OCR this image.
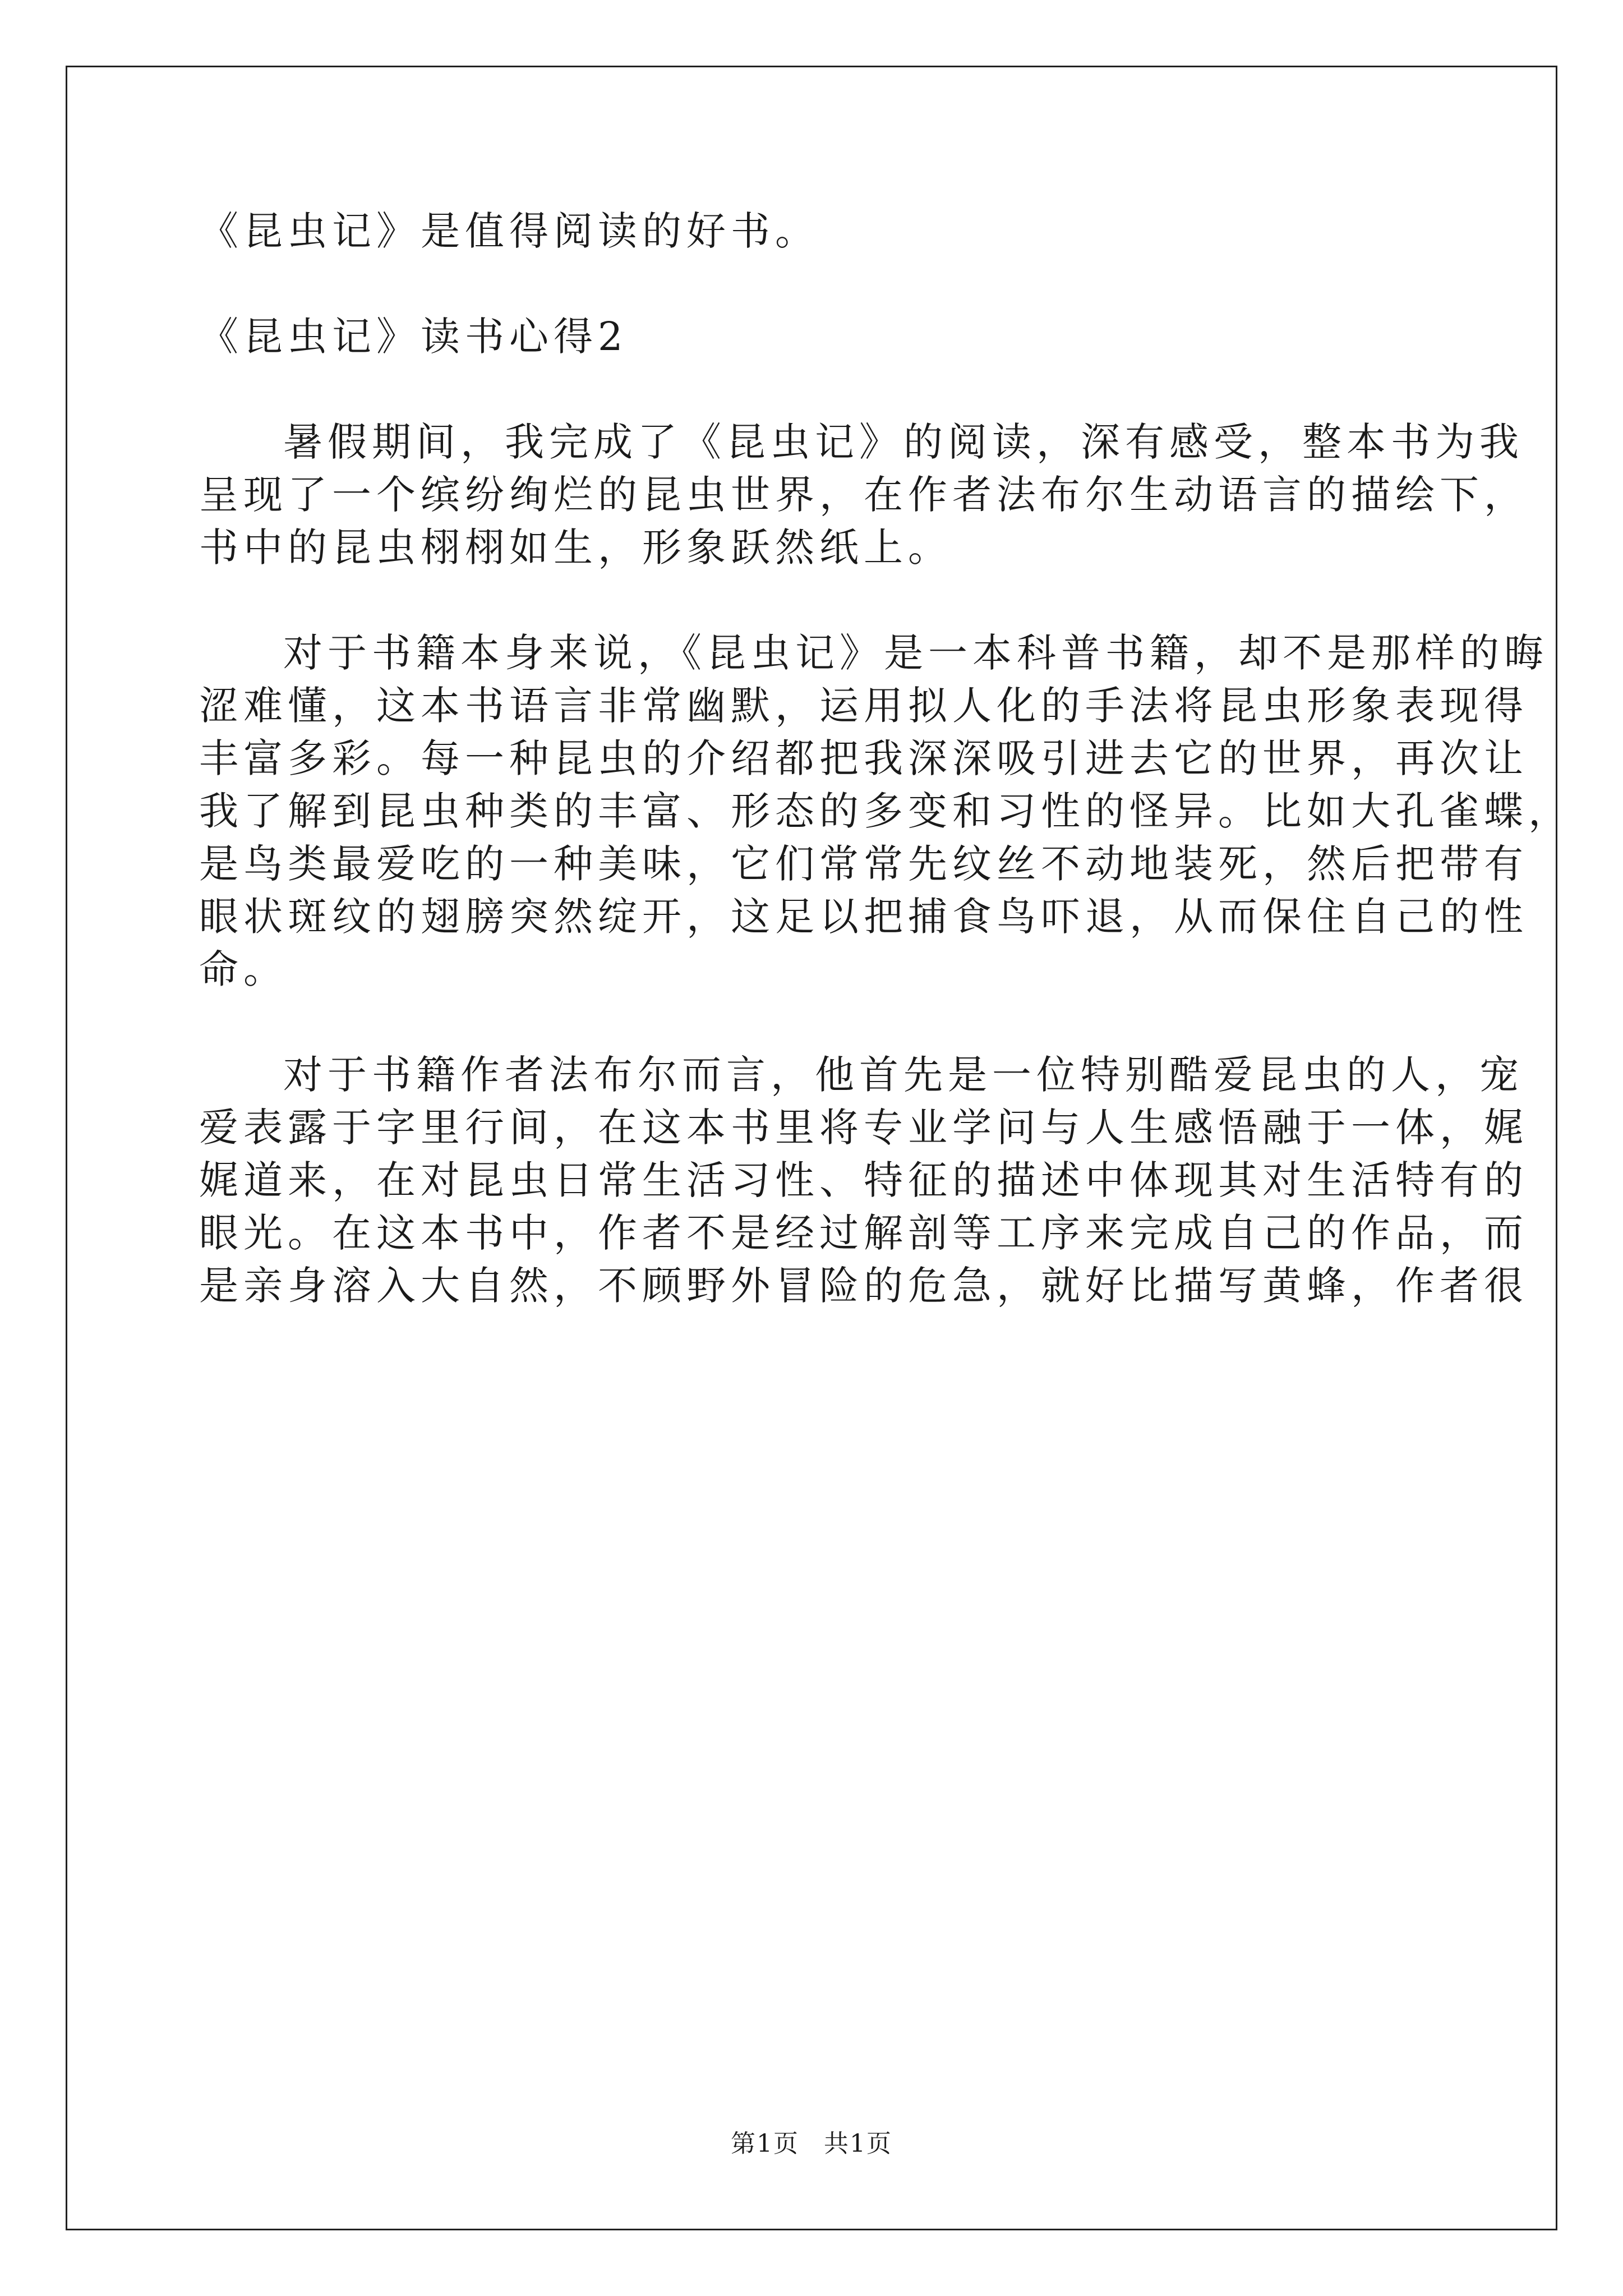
《昆虫记》是值得阅读的好书。
《昆虫记》读书心得2
暑假期间，我完成了《昆虫记》的阅读，深有感受，整本书为我
呈现了一个缤纷绚烂的昆虫世界，在作者法布尔生动语言的描绘下，
书中的昆虫栩栩如生，形象跃然纸上。
对于书籍本身来说，《昆虫记》是一本科普书籍，却不是那样的晦
涩难懂，这本书语言非常幽默，运用拟人化的手法将昆虫形象表现得
丰富多彩。每一种昆虫的介绍都把我深深吸引进去它的世界，再次让
我了解到昆虫种类的丰富、形态的多变和习性的怪异。比如大孔雀蝶，
是鸟类最爱吃的一种美味，它们常常先纹丝不动地装死，然后把带有
眼状斑纹的翅膀突然绽开，这足以把捕食鸟吓退，从而保住自己的性
命。
对于书籍作者法布尔而言，他首先是一位特别酷爱昆虫的人，宠
爱表露于字里行间，在这本书里将专业学问与人生感悟融于一体，娓
娓道来，在对昆虫日常生活习性、特征的描述中体现其对生活特有的
眼光。在这本书中，作者不是经过解剖等工序来完成自己的作品，而
是亲身溶入大自然，不顾野外冒险的危急，就好比描写黄蜂，作者很
第1页 共1页
